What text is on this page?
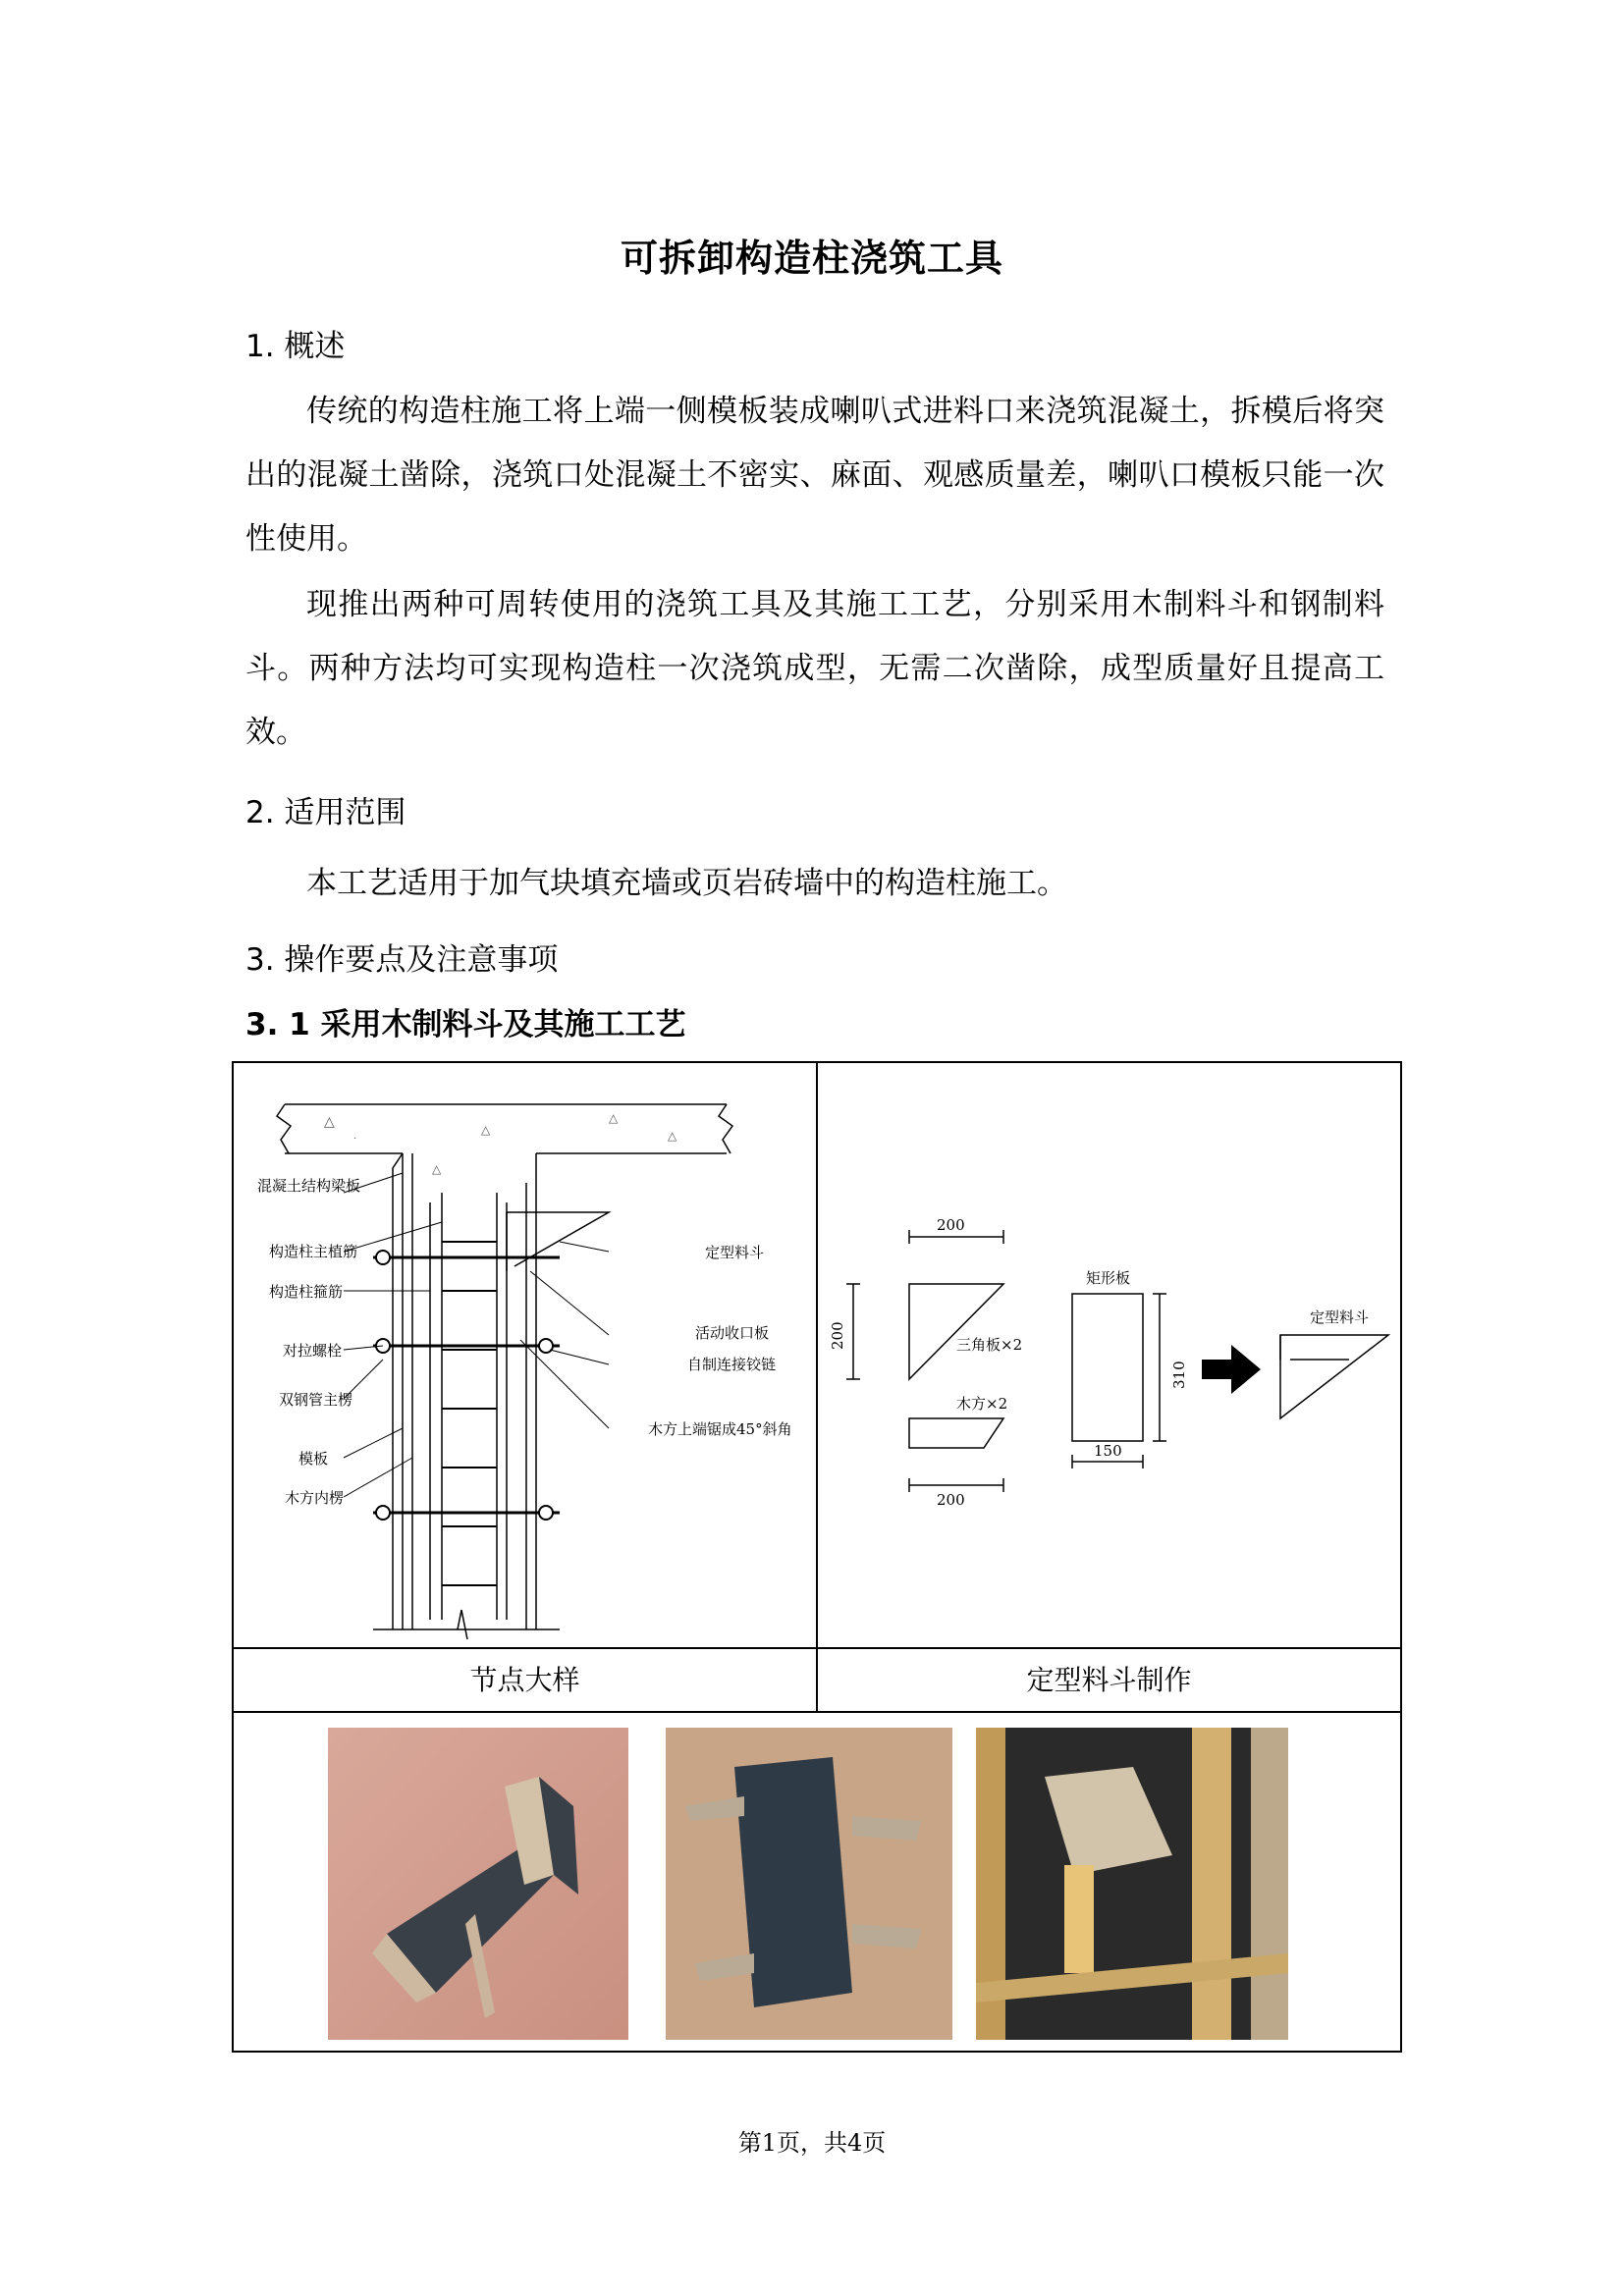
可拆卸构造柱浇筑工具
1. 概述
传统的构造柱施工将上端一侧模板装成喇叭式进料口来浇筑混凝土，拆模后将突出的混凝土凿除，浇筑口处混凝土不密实、麻面、观感质量差，喇叭口模板只能一次性使用。
现推出两种可周转使用的浇筑工具及其施工工艺，分别采用木制料斗和钢制料斗。两种方法均可实现构造柱一次浇筑成型，无需二次凿除，成型质量好且提高工效。
2. 适用范围
本工艺适用于加气块填充墙或页岩砖墙中的构造柱施工。
3. 操作要点及注意事项
3. 1 采用木制料斗及其施工工艺
△	△
△
△
△
·
混凝土结构梁板
构造柱主植筋
构造柱箍筋
对拉螺栓
双钢管主楞
模板
木方内楞
定型料斗
活动收口板
自制连接铰链
木方上端锯成45°斜角
200
200	三角板×2
木方×2
200
矩形板
310
150
定型料斗
节点大样	定型料斗制作
第1页，共4页
